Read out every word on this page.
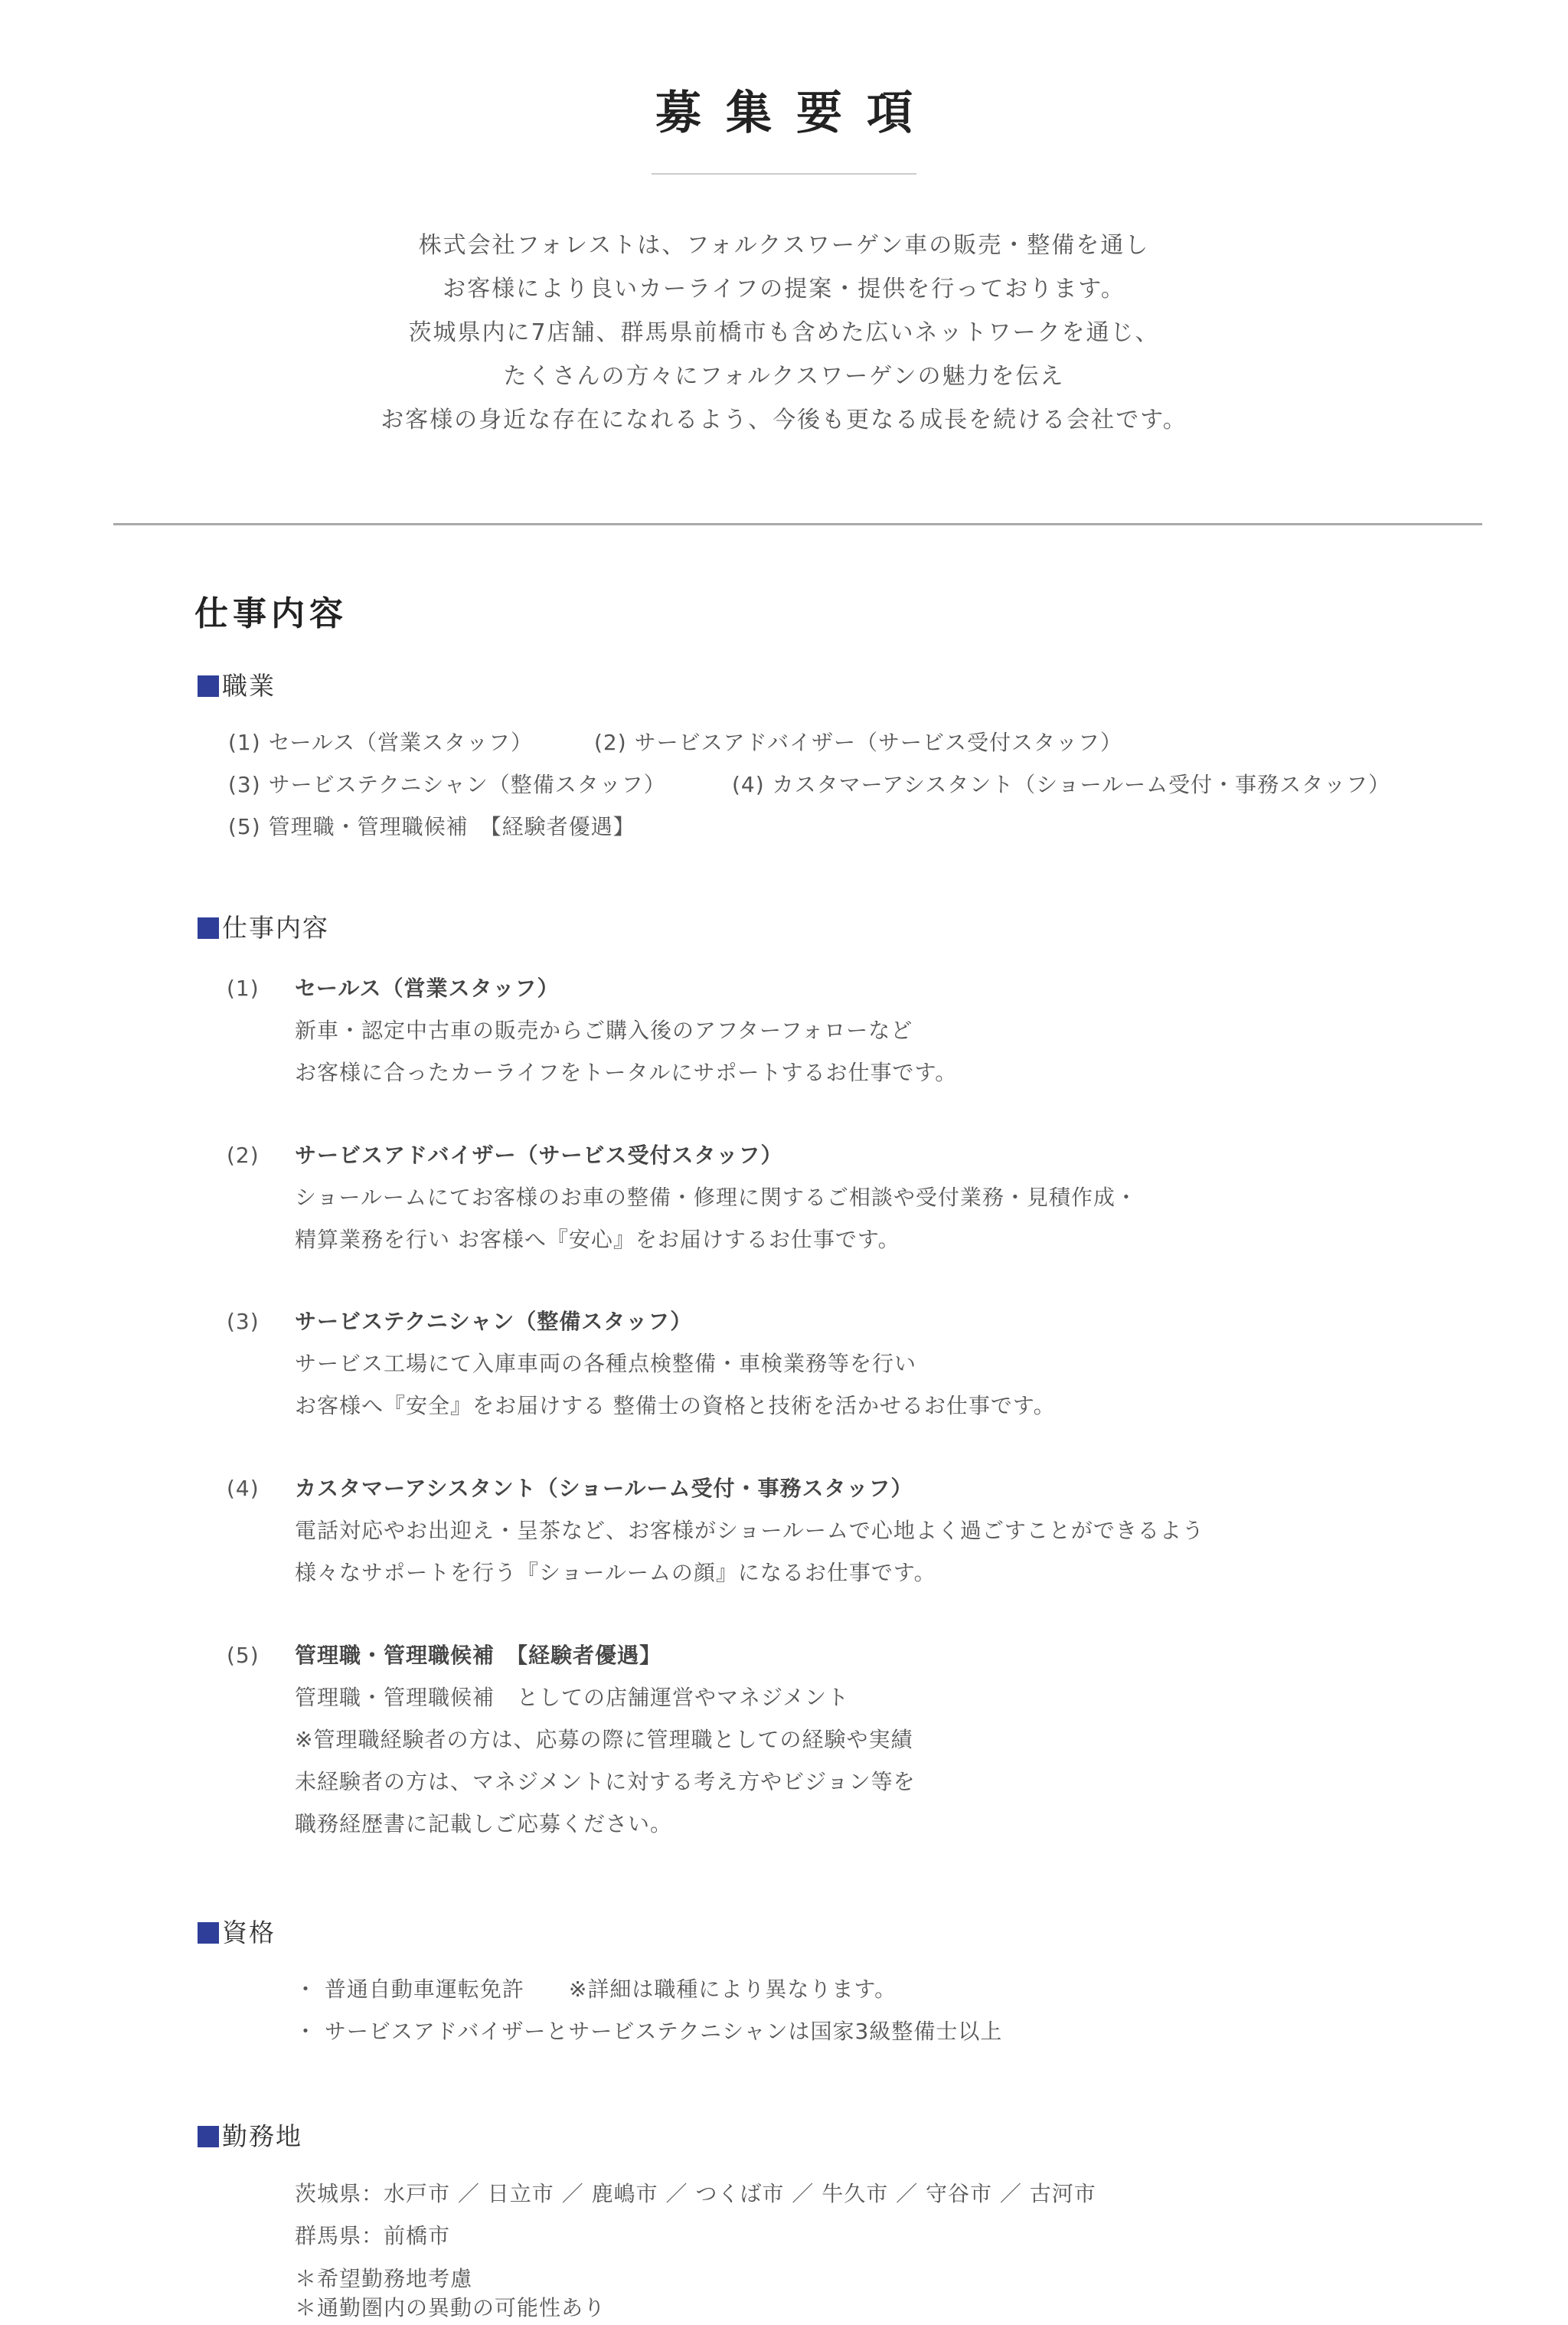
募集要項
株式会社フォレストは、フォルクスワーゲン車の販売・整備を通し
お客様により良いカーライフの提案・提供を行っております。
茨城県内に7店舗、群馬県前橋市も含めた広いネットワークを通じ、
たくさんの方々にフォルクスワーゲンの魅力を伝え
お客様の身近な存在になれるよう、今後も更なる成長を続ける会社です。
仕事内容
職業
(1) セールス（営業スタッフ）	(2) サービスアドバイザー（サービス受付スタッフ）
(3) サービステクニシャン（整備スタッフ）	(4) カスタマーアシスタント（ショールーム受付・事務スタッフ）
(5) 管理職・管理職候補　【経験者優遇】
仕事内容
(1) セールス（営業スタッフ）
新車・認定中古車の販売からご購入後のアフターフォローなど
お客様に合ったカーライフをトータルにサポートするお仕事です。
(2) サービスアドバイザー（サービス受付スタッフ）
ショールームにてお客様のお車の整備・修理に関するご相談や受付業務・見積作成・
精算業務を行い お客様へ『安心』をお届けするお仕事です。
(3) サービステクニシャン（整備スタッフ）
サービス工場にて入庫車両の各種点検整備・車検業務等を行い
お客様へ『安全』をお届けする 整備士の資格と技術を活かせるお仕事です。
(4) カスタマーアシスタント（ショールーム受付・事務スタッフ）
電話対応やお出迎え・呈茶など、お客様がショールームで心地よく過ごすことができるよう
様々なサポートを行う『ショールームの顔』になるお仕事です。
(5) 管理職・管理職候補　【経験者優遇】
管理職・管理職候補　としての店舗運営やマネジメント
※管理職経験者の方は、応募の際に管理職としての経験や実績
未経験者の方は、マネジメントに対する考え方やビジョン等を
職務経歴書に記載しご応募ください。
資格
・ 普通自動車運転免許　　※詳細は職種により異なります。
・ サービスアドバイザーとサービステクニシャンは国家3級整備士以上
勤務地
茨城県：水戸市 ／ 日立市 ／ 鹿嶋市 ／ つくば市 ／ 牛久市 ／ 守谷市 ／ 古河市
群馬県：前橋市
＊希望勤務地考慮
＊通勤圏内の異動の可能性あり
